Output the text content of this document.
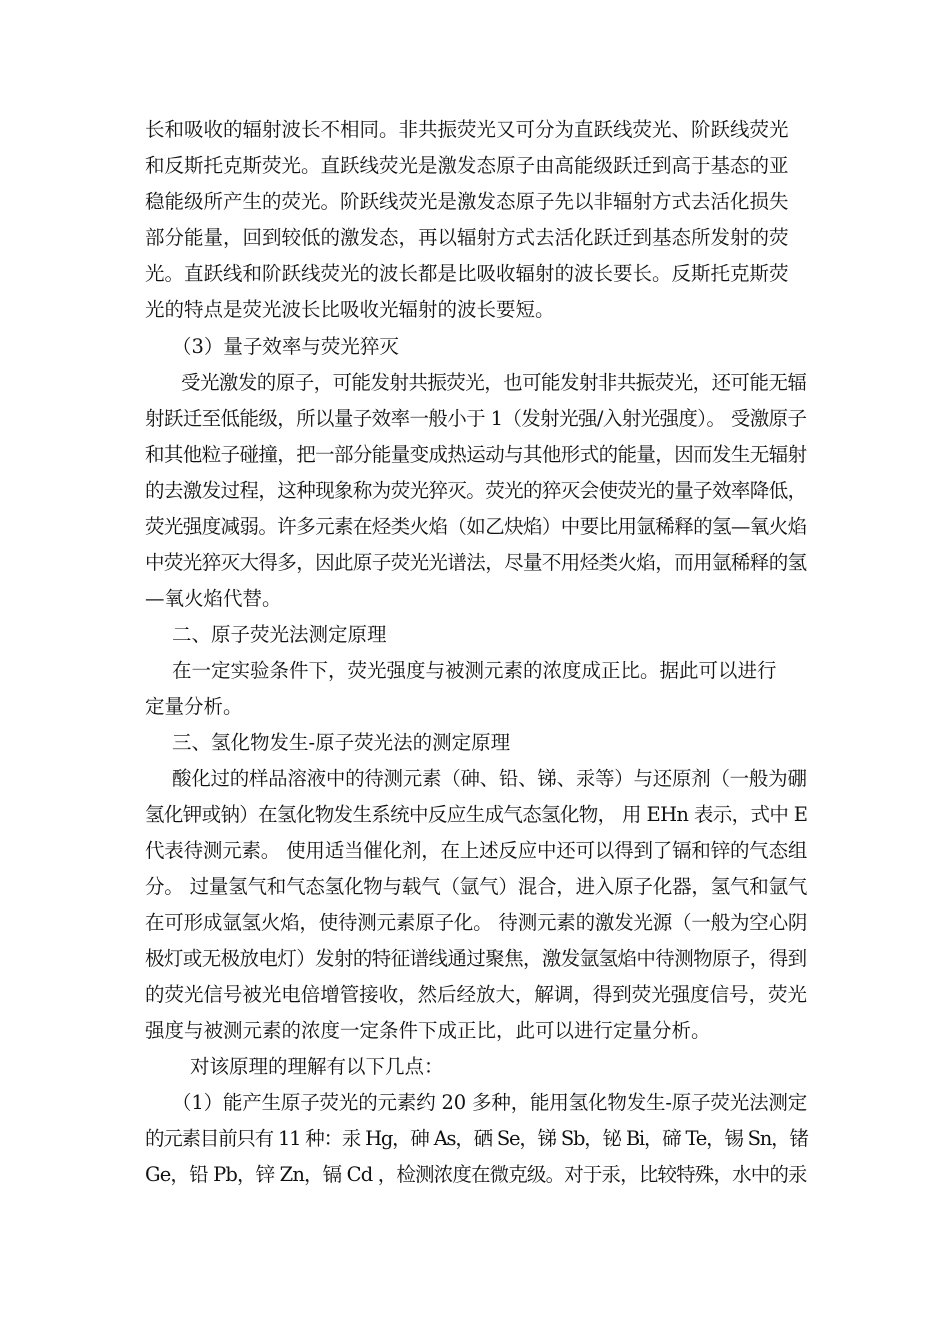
长和吸收的辐射波长不相同。非共振荧光又可分为直跃线荧光、阶跃线荧光
和反斯托克斯荧光。直跃线荧光是激发态原子由高能级跃迁到高于基态的亚
稳能级所产生的荧光。阶跃线荧光是激发态原子先以非辐射方式去活化损失
部分能量，回到较低的激发态，再以辐射方式去活化跃迁到基态所发射的荧
光。直跃线和阶跃线荧光的波长都是比吸收辐射的波长要长。反斯托克斯荧
光的特点是荧光波长比吸收光辐射的波长要短。
（3）量子效率与荧光猝灭
受光激发的原子，可能发射共振荧光，也可能发射非共振荧光，还可能无辐
射跃迁至低能级，所以量子效率一般小于 1（发射光强/入射光强度）。 受激原子
和其他粒子碰撞，把一部分能量变成热运动与其他形式的能量，因而发生无辐射
的去激发过程，这种现象称为荧光猝灭。荧光的猝灭会使荧光的量子效率降低，
荧光强度减弱。许多元素在烃类火焰（如乙炔焰）中要比用氩稀释的氢—氧火焰
中荧光猝灭大得多，因此原子荧光光谱法，尽量不用烃类火焰，而用氩稀释的氢
—氧火焰代替。
二、原子荧光法测定原理
在一定实验条件下，荧光强度与被测元素的浓度成正比。据此可以进行
定量分析。
三、氢化物发生-原子荧光法的测定原理
酸化过的样品溶液中的待测元素（砷、铅、锑、汞等）与还原剂（一般为硼
氢化钾或钠）在氢化物发生系统中反应生成气态氢化物， 用 EHn 表示，式中 E
代表待测元素。 使用适当催化剂，在上述反应中还可以得到了镉和锌的气态组
分。 过量氢气和气态氢化物与载气（氩气）混合，进入原子化器，氢气和氩气
在可形成氩氢火焰，使待测元素原子化。 待测元素的激发光源（一般为空心阴
极灯或无极放电灯）发射的特征谱线通过聚焦，激发氩氢焰中待测物原子，得到
的荧光信号被光电倍增管接收，然后经放大，解调，得到荧光强度信号，荧光
强度与被测元素的浓度一定条件下成正比，此可以进行定量分析。
对该原理的理解有以下几点：
（1）能产生原子荧光的元素约 20 多种，能用氢化物发生-原子荧光法测定
的元素目前只有 11 种：汞 Hg，砷 As，硒 Se，锑 Sb，铋 Bi，碲 Te，锡 Sn，锗
Ge，铅 Pb，锌 Zn，镉 Cd ，检测浓度在微克级。对于汞，比较特殊，水中的汞
